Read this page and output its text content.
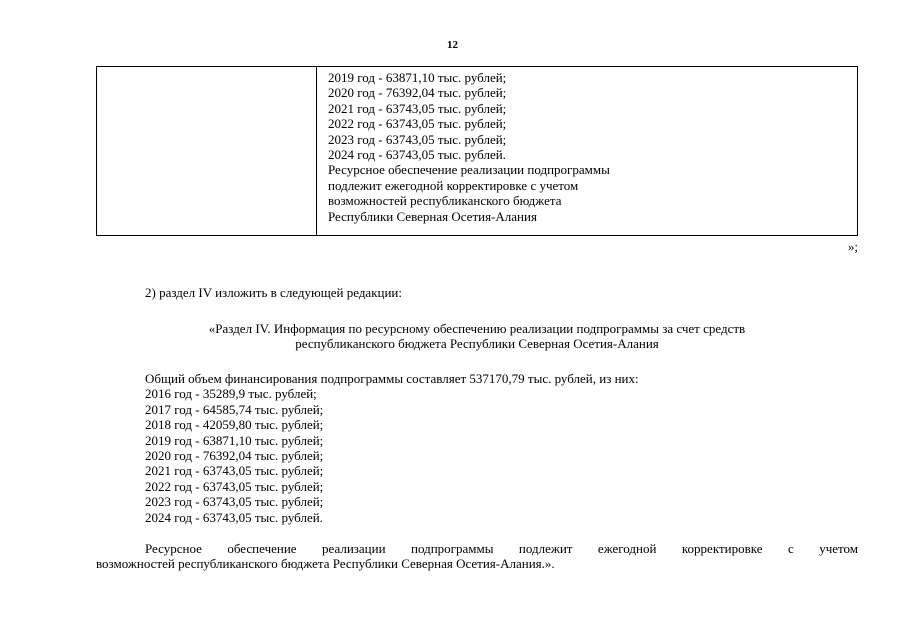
12
2019 год - 63871,10 тыс. рублей;
2020 год - 76392,04 тыс. рублей;
2021 год - 63743,05 тыс. рублей;
2022 год - 63743,05 тыс. рублей;
2023 год - 63743,05 тыс. рублей;
2024 год - 63743,05 тыс. рублей.
Ресурсное обеспечение реализации подпрограммы
подлежит ежегодной корректировке с учетом
возможностей республиканского бюджета
Республики Северная Осетия-Алания
»;
2) раздел IV изложить в следующей редакции:
«Раздел IV. Информация по ресурсному обеспечению реализации подпрограммы за счет средств
республиканского бюджета Республики Северная Осетия-Алания
Общий объем финансирования подпрограммы составляет 537170,79 тыс. рублей, из них:
2016 год - 35289,9 тыс. рублей;
2017 год - 64585,74 тыс. рублей;
2018 год - 42059,80 тыс. рублей;
2019 год - 63871,10 тыс. рублей;
2020 год - 76392,04 тыс. рублей;
2021 год - 63743,05 тыс. рублей;
2022 год - 63743,05 тыс. рублей;
2023 год - 63743,05 тыс. рублей;
2024 год - 63743,05 тыс. рублей.
Ресурсное обеспечение реализации подпрограммы подлежит ежегодной корректировке с учетом
возможностей республиканского бюджета Республики Северная Осетия-Алания.».
